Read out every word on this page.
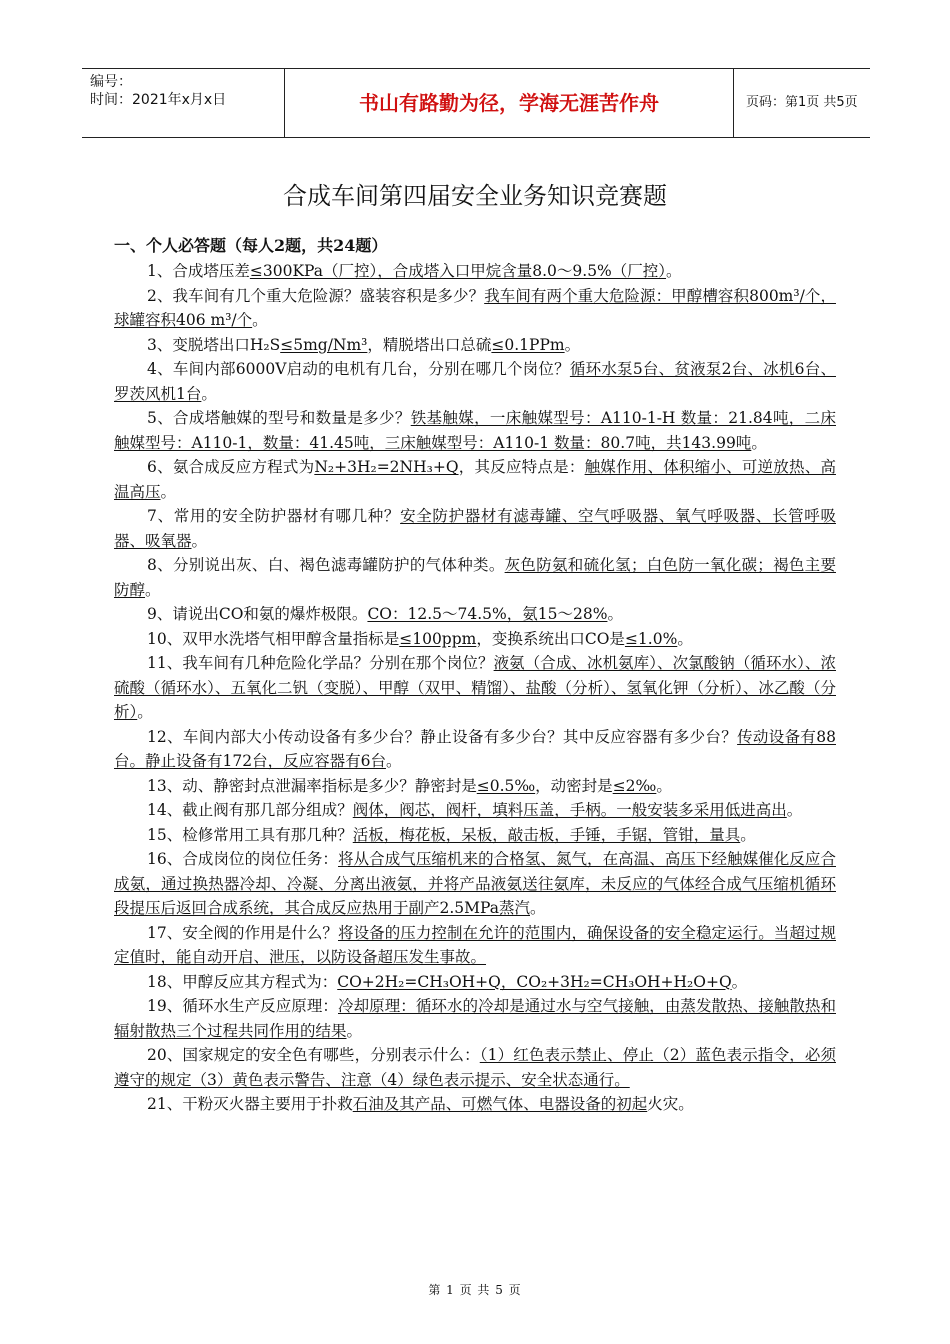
编号：
时间：2021年x月x日	书山有路勤为径，学海无涯苦作舟	页码：第1页 共5页
合成车间第四届安全业务知识竞赛题
一、个人必答题（每人2题，共24题）

1、合成塔压差≤300KPa（厂控），合成塔入口甲烷含量8.0～9.5%（厂控）。

2、我车间有几个重大危险源？盛装容积是多少？我车间有两个重大危险源：甲醇槽容积800m³/个，球罐容积406 m³/个。

3、变脱塔出口H₂S≤5mg/Nm³，精脱塔出口总硫≤0.1PPm。

4、车间内部6000V启动的电机有几台，分别在哪几个岗位？循环水泵5台、贫液泵2台、冰机6台、罗茨风机1台。

5、合成塔触媒的型号和数量是多少？铁基触媒，一床触媒型号：A110-1-H 数量：21.84吨，二床触媒型号：A110-1，数量：41.45吨，三床触媒型号：A110-1 数量：80.7吨，共143.99吨。

6、氨合成反应方程式为N₂+3H₂=2NH₃+Q，其反应特点是：触媒作用、体积缩小、可逆放热、高温高压。

7、常用的安全防护器材有哪几种？安全防护器材有滤毒罐、空气呼吸器、氧气呼吸器、长管呼吸器、吸氧器。

8、分别说出灰、白、褐色滤毒罐防护的气体种类。灰色防氨和硫化氢；白色防一氧化碳；褐色主要防醇。

9、请说出CO和氨的爆炸极限。CO：12.5～74.5%，氨15～28%。

10、双甲水洗塔气相甲醇含量指标是≤100ppm，变换系统出口CO是≤1.0%。

11、我车间有几种危险化学品？分别在那个岗位？液氨（合成、冰机氨库）、次氯酸钠（循环水）、浓硫酸（循环水）、五氧化二钒（变脱）、甲醇（双甲、精馏）、盐酸（分析）、氢氧化钾（分析）、冰乙酸（分析）。

12、车间内部大小传动设备有多少台？静止设备有多少台？其中反应容器有多少台？传动设备有88台。静止设备有172台，反应容器有6台。

13、动、静密封点泄漏率指标是多少？静密封是≤0.5‰，动密封是≤2‰。

14、截止阀有那几部分组成？阀体，阀芯，阀杆，填料压盖，手柄。一般安装多采用低进高出。

15、检修常用工具有那几种？活板，梅花板，呆板，敲击板，手锤，手锯，管钳，量具。

16、合成岗位的岗位任务：将从合成气压缩机来的合格氢、氮气，在高温、高压下经触媒催化反应合成氨，通过换热器冷却、冷凝、分离出液氨，并将产品液氨送往氨库，未反应的气体经合成气压缩机循环段提压后返回合成系统，其合成反应热用于副产2.5MPa蒸汽。

17、安全阀的作用是什么？将设备的压力控制在允许的范围内，确保设备的安全稳定运行。当超过规定值时，能自动开启、泄压，以防设备超压发生事故。

18、甲醇反应其方程式为：CO+2H₂=CH₃OH+Q，CO₂+3H₂=CH₃OH+H₂O+Q。

19、循环水生产反应原理：冷却原理：循环水的冷却是通过水与空气接触，由蒸发散热、接触散热和辐射散热三个过程共同作用的结果。

20、国家规定的安全色有哪些，分别表示什么：（1）红色表示禁止、停止（2）蓝色表示指令，必须遵守的规定（3）黄色表示警告、注意（4）绿色表示提示、安全状态通行。

21、干粉灭火器主要用于扑救石油及其产品、可燃气体、电器设备的初起火灾。

第 1 页 共 5 页
